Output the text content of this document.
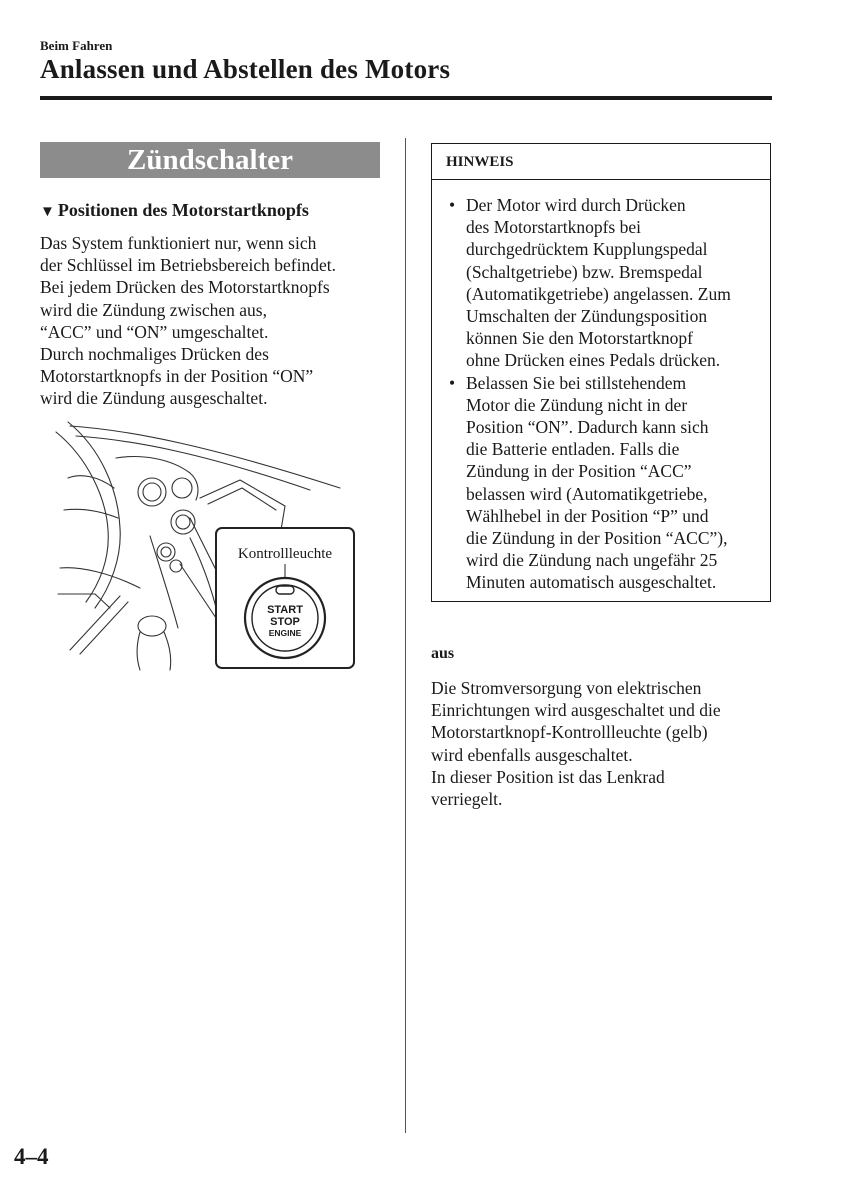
Beim Fahren
Anlassen und Abstellen des Motors
Zündschalter
▼ Positionen des Motorstartknopfs
Das System funktioniert nur, wenn sich
der Schlüssel im Betriebsbereich befindet.
Bei jedem Drücken des Motorstartknopfs
wird die Zündung zwischen aus,
“ACC” und “ON” umgeschaltet.
Durch nochmaliges Drücken des
Motorstartknopfs in der Position “ON”
wird die Zündung ausgeschaltet.
Kontrollleuchte
START
STOP
ENGINE
HINWEIS
• Der Motor wird durch Drücken
des Motorstartknopfs bei
durchgedrücktem Kupplungspedal
(Schaltgetriebe) bzw. Bremspedal
(Automatikgetriebe) angelassen. Zum
Umschalten der Zündungsposition
können Sie den Motorstartknopf
ohne Drücken eines Pedals drücken.
• Belassen Sie bei stillstehendem
Motor die Zündung nicht in der
Position “ON”. Dadurch kann sich
die Batterie entladen. Falls die
Zündung in der Position “ACC”
belassen wird (Automatikgetriebe,
Wählhebel in der Position “P” und
die Zündung in der Position “ACC”),
wird die Zündung nach ungefähr 25
Minuten automatisch ausgeschaltet.
aus
Die Stromversorgung von elektrischen
Einrichtungen wird ausgeschaltet und die
Motorstartknopf-Kontrollleuchte (gelb)
wird ebenfalls ausgeschaltet.
In dieser Position ist das Lenkrad
verriegelt.
4–4
